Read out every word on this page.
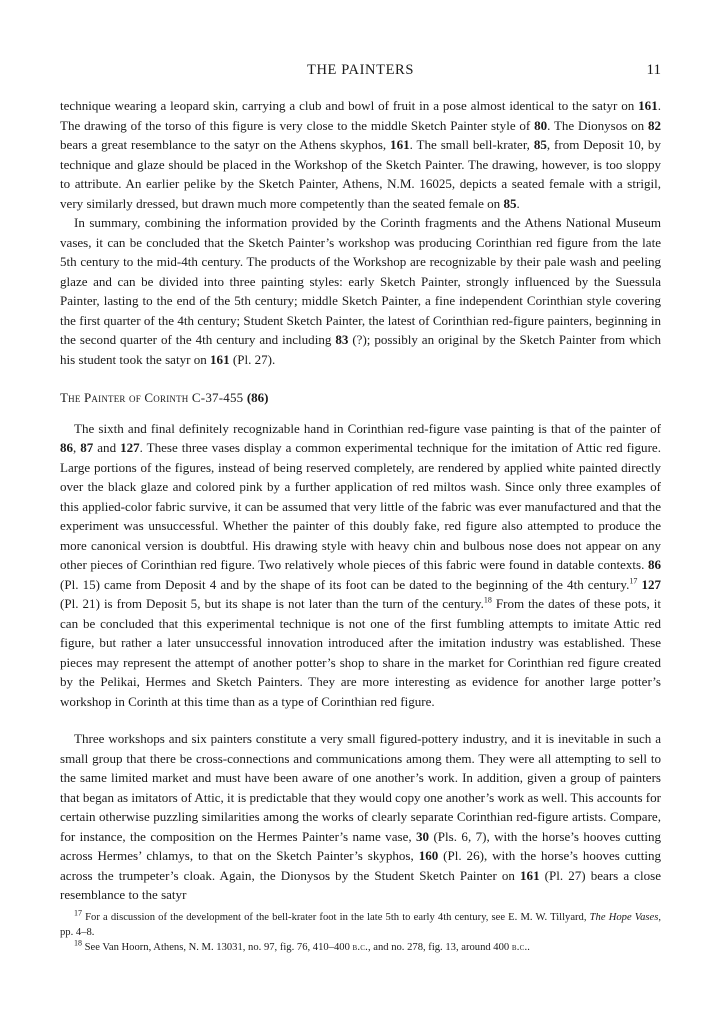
THE PAINTERS	11

technique wearing a leopard skin, carrying a club and bowl of fruit in a pose almost identical to the satyr on 161. The drawing of the torso of this figure is very close to the middle Sketch Painter style of 80. The Dionysos on 82 bears a great resemblance to the satyr on the Athens skyphos, 161. The small bell-krater, 85, from Deposit 10, by technique and glaze should be placed in the Workshop of the Sketch Painter. The drawing, however, is too sloppy to attribute. An earlier pelike by the Sketch Painter, Athens, N.M. 16025, depicts a seated female with a strigil, very similarly dressed, but drawn much more competently than the seated female on 85.

In summary, combining the information provided by the Corinth fragments and the Athens National Museum vases, it can be concluded that the Sketch Painter’s workshop was producing Corinthian red figure from the late 5th century to the mid-4th century. The products of the Workshop are recognizable by their pale wash and peeling glaze and can be divided into three painting styles: early Sketch Painter, strongly influenced by the Suessula Painter, lasting to the end of the 5th century; middle Sketch Painter, a fine independent Corinthian style covering the first quarter of the 4th century; Student Sketch Painter, the latest of Corinthian red-figure painters, beginning in the second quarter of the 4th century and including 83 (?); possibly an original by the Sketch Painter from which his student took the satyr on 161 (Pl. 27).

The Painter of Corinth C-37-455 (86)

The sixth and final definitely recognizable hand in Corinthian red-figure vase painting is that of the painter of 86, 87 and 127. These three vases display a common experimental technique for the imitation of Attic red figure. Large portions of the figures, instead of being reserved completely, are rendered by applied white painted directly over the black glaze and colored pink by a further application of red miltos wash. Since only three examples of this applied-color fabric survive, it can be assumed that very little of the fabric was ever manufactured and that the experiment was unsuccessful. Whether the painter of this doubly fake, red figure also attempted to produce the more canonical version is doubtful. His drawing style with heavy chin and bulbous nose does not appear on any other pieces of Corinthian red figure. Two relatively whole pieces of this fabric were found in datable contexts. 86 (Pl. 15) came from Deposit 4 and by the shape of its foot can be dated to the beginning of the 4th century.$^{17}$ 127 (Pl. 21) is from Deposit 5, but its shape is not later than the turn of the century.$^{18}$ From the dates of these pots, it can be concluded that this experimental technique is not one of the first fumbling attempts to imitate Attic red figure, but rather a later unsuccessful innovation introduced after the imitation industry was established. These pieces may represent the attempt of another potter’s shop to share in the market for Corinthian red figure created by the Pelikai, Hermes and Sketch Painters. They are more interesting as evidence for another large potter’s workshop in Corinth at this time than as a type of Corinthian red figure.

Three workshops and six painters constitute a very small figured-pottery industry, and it is inevitable in such a small group that there be cross-connections and communications among them. They were all attempting to sell to the same limited market and must have been aware of one another’s work. In addition, given a group of painters that began as imitators of Attic, it is predictable that they would copy one another’s work as well. This accounts for certain otherwise puzzling similarities among the works of clearly separate Corinthian red-figure artists. Compare, for instance, the composition on the Hermes Painter’s name vase, 30 (Pls. 6, 7), with the horse’s hooves cutting across Hermes’ chlamys, to that on the Sketch Painter’s skyphos, 160 (Pl. 26), with the horse’s hooves cutting across the trumpeter’s cloak. Again, the Dionysos by the Student Sketch Painter on 161 (Pl. 27) bears a close resemblance to the satyr

$^{17}$ For a discussion of the development of the bell-krater foot in the late 5th to early 4th century, see E. M. W. Tillyard, The Hope Vases, pp. 4–8.

$^{18}$ See Van Hoorn, Athens, N. M. 13031, no. 97, fig. 76, 410–400 b.c., and no. 278, fig. 13, around 400 b.c..
